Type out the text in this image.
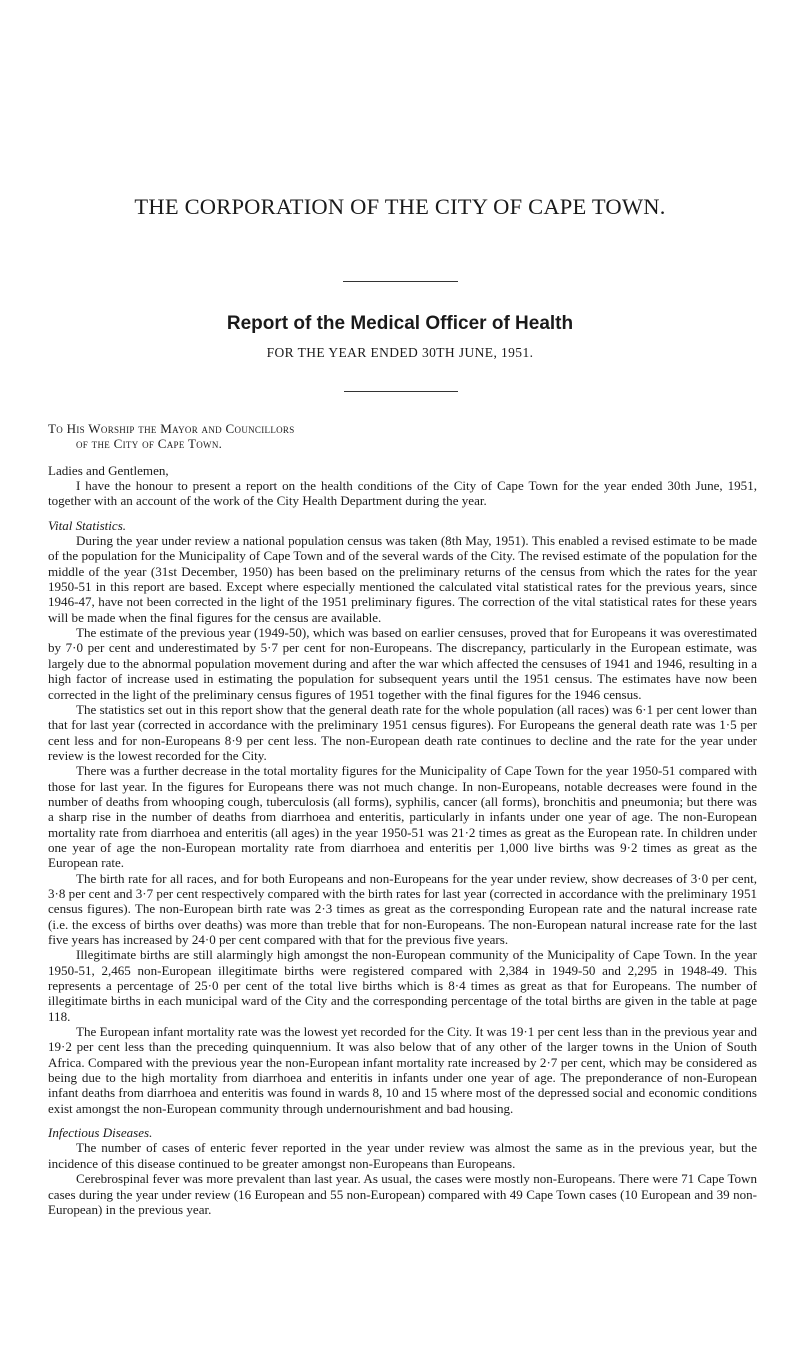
THE CORPORATION OF THE CITY OF CAPE TOWN.
Report of the Medical Officer of Health
FOR THE YEAR ENDED 30TH JUNE, 1951.

To His Worship the Mayor and Councillors

of the City of Cape Town.

Ladies and Gentlemen,

I have the honour to present a report on the health conditions of the City of Cape Town for the year ended 30th June, 1951, together with an account of the work of the City Health Department during the year.

Vital Statistics.

During the year under review a national population census was taken (8th May, 1951). This enabled a revised estimate to be made of the population for the Municipality of Cape Town and of the several wards of the City. The revised estimate of the population for the middle of the year (31st December, 1950) has been based on the preliminary returns of the census from which the rates for the year 1950-51 in this report are based. Except where especially mentioned the calculated vital statistical rates for the previous years, since 1946-47, have not been corrected in the light of the 1951 preliminary figures. The correction of the vital statistical rates for these years will be made when the final figures for the census are available.

The estimate of the previous year (1949-50), which was based on earlier censuses, proved that for Europeans it was overestimated by 7·0 per cent and underestimated by 5·7 per cent for non-Europeans. The discrepancy, particularly in the European estimate, was largely due to the abnormal population movement during and after the war which affected the censuses of 1941 and 1946, resulting in a high factor of increase used in estimating the population for subsequent years until the 1951 census. The estimates have now been corrected in the light of the preliminary census figures of 1951 together with the final figures for the 1946 census.

The statistics set out in this report show that the general death rate for the whole population (all races) was 6·1 per cent lower than that for last year (corrected in accordance with the preliminary 1951 census figures). For Europeans the general death rate was 1·5 per cent less and for non-Europeans 8·9 per cent less. The non-European death rate continues to decline and the rate for the year under review is the lowest recorded for the City.

There was a further decrease in the total mortality figures for the Municipality of Cape Town for the year 1950-51 compared with those for last year. In the figures for Europeans there was not much change. In non-Europeans, notable decreases were found in the number of deaths from whooping cough, tuberculosis (all forms), syphilis, cancer (all forms), bronchitis and pneumonia; but there was a sharp rise in the number of deaths from diarrhoea and enteritis, particularly in infants under one year of age. The non-European mortality rate from diarrhoea and enteritis (all ages) in the year 1950-51 was 21·2 times as great as the European rate. In children under one year of age the non-European mortality rate from diarrhoea and enteritis per 1,000 live births was 9·2 times as great as the European rate.

The birth rate for all races, and for both Europeans and non-Europeans for the year under review, show decreases of 3·0 per cent, 3·8 per cent and 3·7 per cent respectively compared with the birth rates for last year (corrected in accordance with the preliminary 1951 census figures). The non-European birth rate was 2·3 times as great as the corresponding European rate and the natural increase rate (i.e. the excess of births over deaths) was more than treble that for non-Europeans. The non-European natural increase rate for the last five years has increased by 24·0 per cent compared with that for the previous five years.

Illegitimate births are still alarmingly high amongst the non-European community of the Municipality of Cape Town. In the year 1950-51, 2,465 non-European illegitimate births were registered compared with 2,384 in 1949-50 and 2,295 in 1948-49. This represents a percentage of 25·0 per cent of the total live births which is 8·4 times as great as that for Europeans. The number of illegitimate births in each municipal ward of the City and the corresponding percentage of the total births are given in the table at page 118.

The European infant mortality rate was the lowest yet recorded for the City. It was 19·1 per cent less than in the previous year and 19·2 per cent less than the preceding quinquennium. It was also below that of any other of the larger towns in the Union of South Africa. Compared with the previous year the non-European infant mortality rate increased by 2·7 per cent, which may be considered as being due to the high mortality from diarrhoea and enteritis in infants under one year of age. The preponderance of non-European infant deaths from diarrhoea and enteritis was found in wards 8, 10 and 15 where most of the depressed social and economic conditions exist amongst the non-European community through undernourishment and bad housing.

Infectious Diseases.

The number of cases of enteric fever reported in the year under review was almost the same as in the previous year, but the incidence of this disease continued to be greater amongst non-Europeans than Europeans.

Cerebrospinal fever was more prevalent than last year. As usual, the cases were mostly non-Europeans. There were 71 Cape Town cases during the year under review (16 European and 55 non-European) compared with 49 Cape Town cases (10 European and 39 non-European) in the previous year.
